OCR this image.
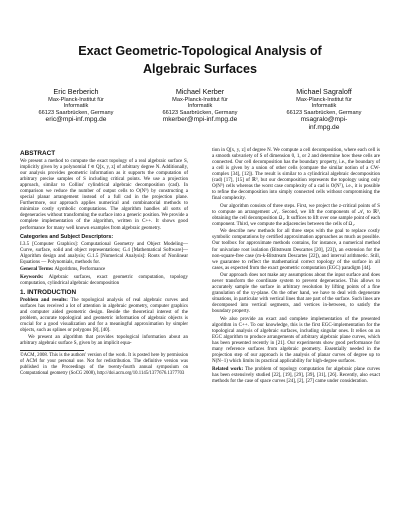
Exact Geometric-Topological Analysis of
Algebraic Surfaces
Eric Berberich
Max-Planck-Institut für
Informatik
66123 Saarbrücken, Germany
eric@mpi-inf.mpg.de
Michael Kerber
Max-Planck-Institut für
Informatik
66123 Saarbrücken, Germany
mkerber@mpi-inf.mpg.de
Michael Sagraloff
Max-Planck-Institut für
Informatik
66123 Saarbrücken, Germany
msagralo@mpi-
inf.mpg.de
ABSTRACT

We present a method to compute the exact topology of a real algebraic surface S, implicitly given by a polynomial f ∈ Q[x, y, z] of arbitrary degree N. Additionally, our analysis provides geometric information as it supports the computation of arbitrary precise samples of S including critical points. We use a projection approach, similar to Collins' cylindrical algebraic decomposition (cad). In comparison we reduce the number of output cells to O(N⁵) by constructing a special planar arrangement instead of a full cad in the projection plane. Furthermore, our approach applies numerical and combinatorial methods to minimize costly symbolic computations. The algorithm handles all sorts of degeneracies without transforming the surface into a generic position. We provide a complete implementation of the algorithm, written in C++. It shows good performance for many well known examples from algebraic geometry.

Categories and Subject Descriptors:

I.3.5 [Computer Graphics]: Computational Geometry and Object Modeling—Curve, surface, solid and object representations; G.4 [Mathematical Software]—Algorithm design and analysis; G.1.5 [Numerical Analysis]: Roots of Nonlinear Equations — Polynomials, methods for.

General Terms: Algorithms, Performance

Keywords: Algebraic surfaces, exact geometric computation, topology computation, cylindrical algebraic decomposition

1. INTRODUCTION

Problem and results: The topological analysis of real algebraic curves and surfaces has received a lot of attention in algebraic geometry, computer graphics and computer aided geometric design. Beside the theoretical interest of the problem, accurate topological and geometric information of algebraic objects is crucial for a good visualization and for a meaningful approximation by simpler objects, such as splines or polygons [8], [40].

We present an algorithm that provides topological information about an arbitrary algebraic surface S, given by an implicit equa-

©ACM, 2008. This is the authors' version of the work. It is posted here by permission of ACM for your personal use. Not for redistribution. The definitive version was published in the Proceedings of the twenty-fourth annual symposium on Computational geometry (SoCG 2008), http://doi.acm.org/10.1145/1377676.1377703

tion in Q[x, y, z] of degree N. We compute a cell decomposition, where each cell is a smooth subvariety of S of dimension 0, 1, or 2 and determine how these cells are connected. Our cell decomposition has the boundary property, i.e., the boundary of a cell is given by a union of other cells (compare the similar notion of a CW-complex [34], [12]). The result is similar to a cylindrical algebraic decomposition (cad) [17], [15] of ℝ³, but our decomposition represents the topology using only O(N⁵) cells whereas the worst case complexity of a cad is O(N⁷), i.e., it is possible to refine the decomposition into simply connected cells without compromising the final complexity.

Our algorithm consists of three steps. First, we project the z-critical points of S to compute an arrangement 𝒜₁. Second, we lift the components of 𝒜₁ to ℝ³, obtaining the cell decomposition Ω₁. It suffices to lift over one sample point of each component. Third, we compute the adjacencies between the cells of Ω₁.

We describe new methods for all three steps with the goal to replace costly symbolic computations by certified approximation approaches as much as possible. Our toolbox for approximate methods contains, for instance, a numerical method for univariate root isolation (Bitstream Descartes [20], [23]), an extension for the non-square-free case (m-k-Bitstream Descartes [22]), and interval arithmetic. Still, we guarantee to reflect the mathematical correct topology of the surface in all cases, as expected from the exact geometric computation (EGC) paradigm [44].

Our approach does not make any assumptions about the input surface and does never transform the coordinate system to prevent degeneracies. This allows to accurately sample the surface in arbitrary resolution by lifting points of a fine granulation of the xy-plane. On the other hand, we have to deal with degenerate situations, in particular with vertical lines that are part of the surface. Such lines are decomposed into vertical segments, and vertices in-between, to satisfy the boundary property.

We also provide an exact and complete implementation of the presented algorithm in C++. To our knowledge, this is the first EGC-implementation for the topological analysis of algebraic surfaces, including singular ones. It relies on an EGC algorithm to produce arrangements of arbitrary algebraic plane curves, which has been presented recently in [21]. Our experiments show good performance for many reference surfaces from algebraic geometry. Essentially needed in the projection step of our approach is the analysis of planar curves of degree up to N(N−1) which limits its practical applicability for high-degree surfaces.

Related work: The problem of topology computation for algebraic plane curves has been extensively studied [22], [19], [29], [39], [31], [26]. Recently, also exact methods for the case of space curves [24], [2], [27] came under consideration.
